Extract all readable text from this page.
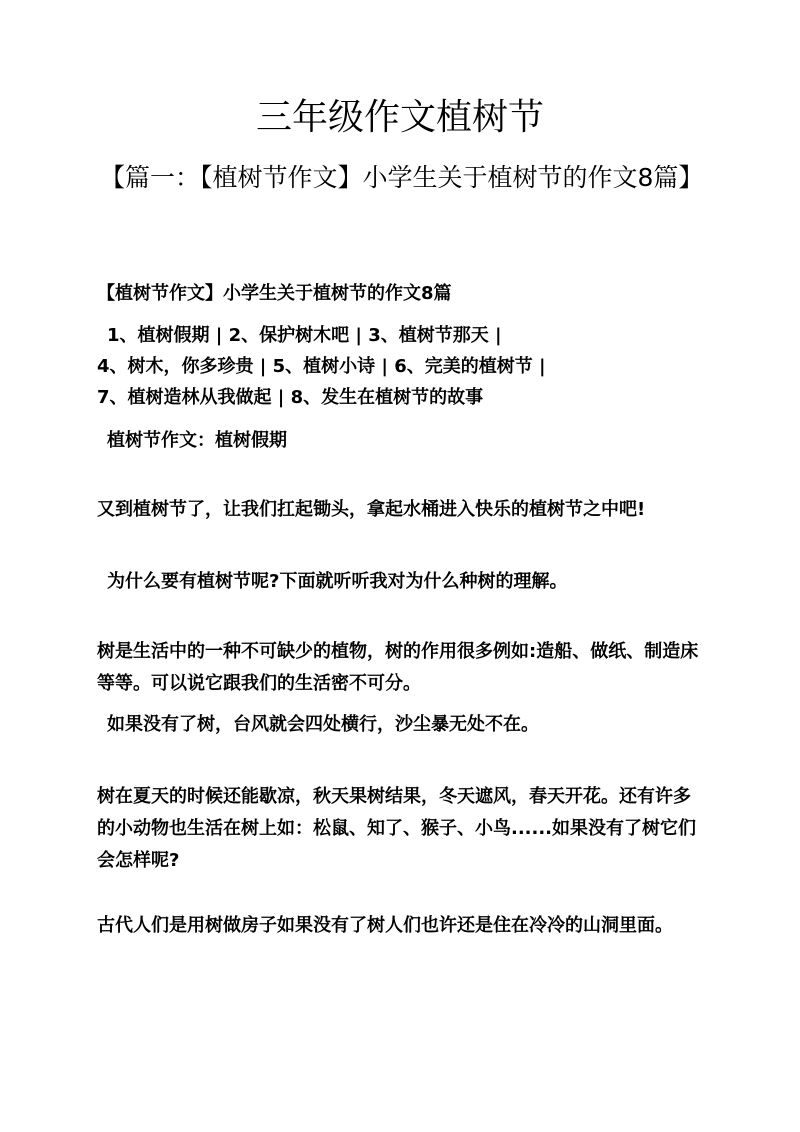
三年级作文植树节
【篇一：【植树节作文】小学生关于植树节的作文8篇】
【植树节作文】小学生关于植树节的作文8篇
1、植树假期 | 2、保护树木吧 | 3、植树节那天 |
4、树木，你多珍贵 | 5、植树小诗 | 6、完美的植树节 |
7、植树造林从我做起 | 8、发生在植树节的故事
植树节作文：植树假期
又到植树节了，让我们扛起锄头，拿起水桶进入快乐的植树节之中吧!
为什么要有植树节呢?下面就听听我对为什么种树的理解。
树是生活中的一种不可缺少的植物，树的作用很多例如:造船、做纸、制造床等等。可以说它跟我们的生活密不可分。
如果没有了树，台风就会四处横行，沙尘暴无处不在。
树在夏天的时候还能歇凉，秋天果树结果，冬天遮风，春天开花。还有许多的小动物也生活在树上如：松鼠、知了、猴子、小鸟......如果没有了树它们会怎样呢?
古代人们是用树做房子如果没有了树人们也许还是住在冷冷的山洞里面。
